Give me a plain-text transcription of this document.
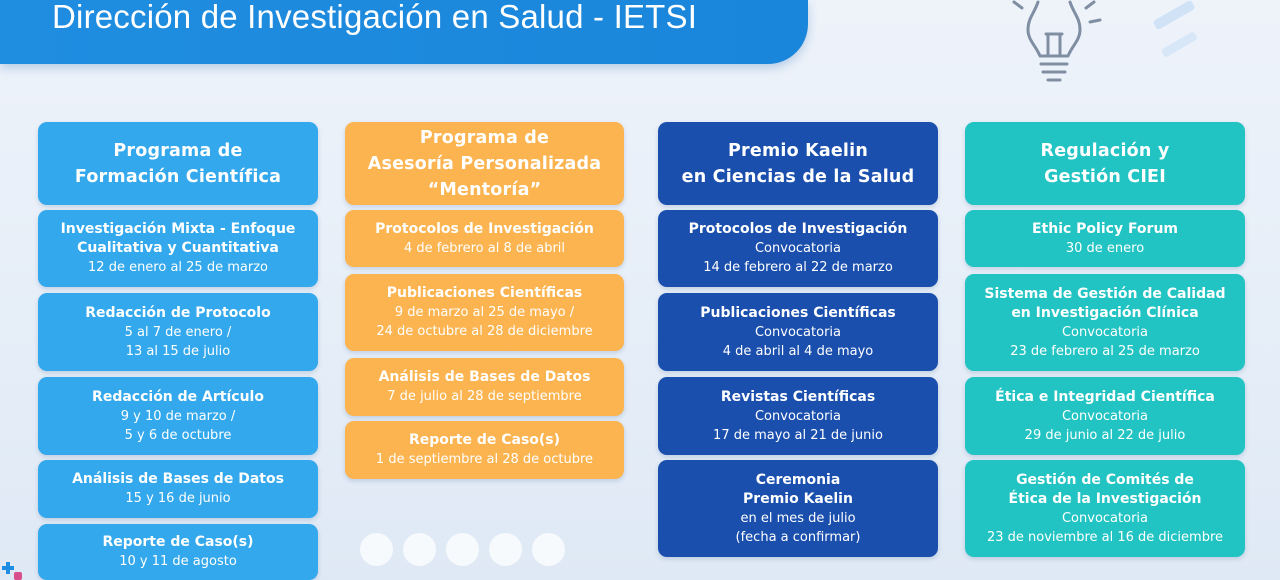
Dirección de Investigación en Salud - IETSI
Programa de
Formación Científica
Investigación Mixta - Enfoque
Cualitativa y Cuantitativa
12 de enero al 25 de marzo
Redacción de Protocolo
5 al 7 de enero /
13 al 15 de julio
Redacción de Artículo
9 y 10 de marzo /
5 y 6 de octubre
Análisis de Bases de Datos
15 y 16 de junio
Reporte de Caso(s)
10 y 11 de agosto
Programa de
Asesoría Personalizada
“Mentoría”
Protocolos de Investigación
4 de febrero al 8 de abril
Publicaciones Científicas
9 de marzo al 25 de mayo /
24 de octubre al 28 de diciembre
Análisis de Bases de Datos
7 de julio al 28 de septiembre
Reporte de Caso(s)
1 de septiembre al 28 de octubre
Premio Kaelin
en Ciencias de la Salud
Protocolos de Investigación
Convocatoria
14 de febrero al 22 de marzo
Publicaciones Científicas
Convocatoria
4 de abril al 4 de mayo
Revistas Científicas
Convocatoria
17 de mayo al 21 de junio
Ceremonia
Premio Kaelin
en el mes de julio
(fecha a confirmar)
Regulación y
Gestión CIEI
Ethic Policy Forum
30 de enero
Sistema de Gestión de Calidad
en Investigación Clínica
Convocatoria
23 de febrero al 25 de marzo
Ética e Integridad Científica
Convocatoria
29 de junio al 22 de julio
Gestión de Comités de
Ética de la Investigación
Convocatoria
23 de noviembre al 16 de diciembre
